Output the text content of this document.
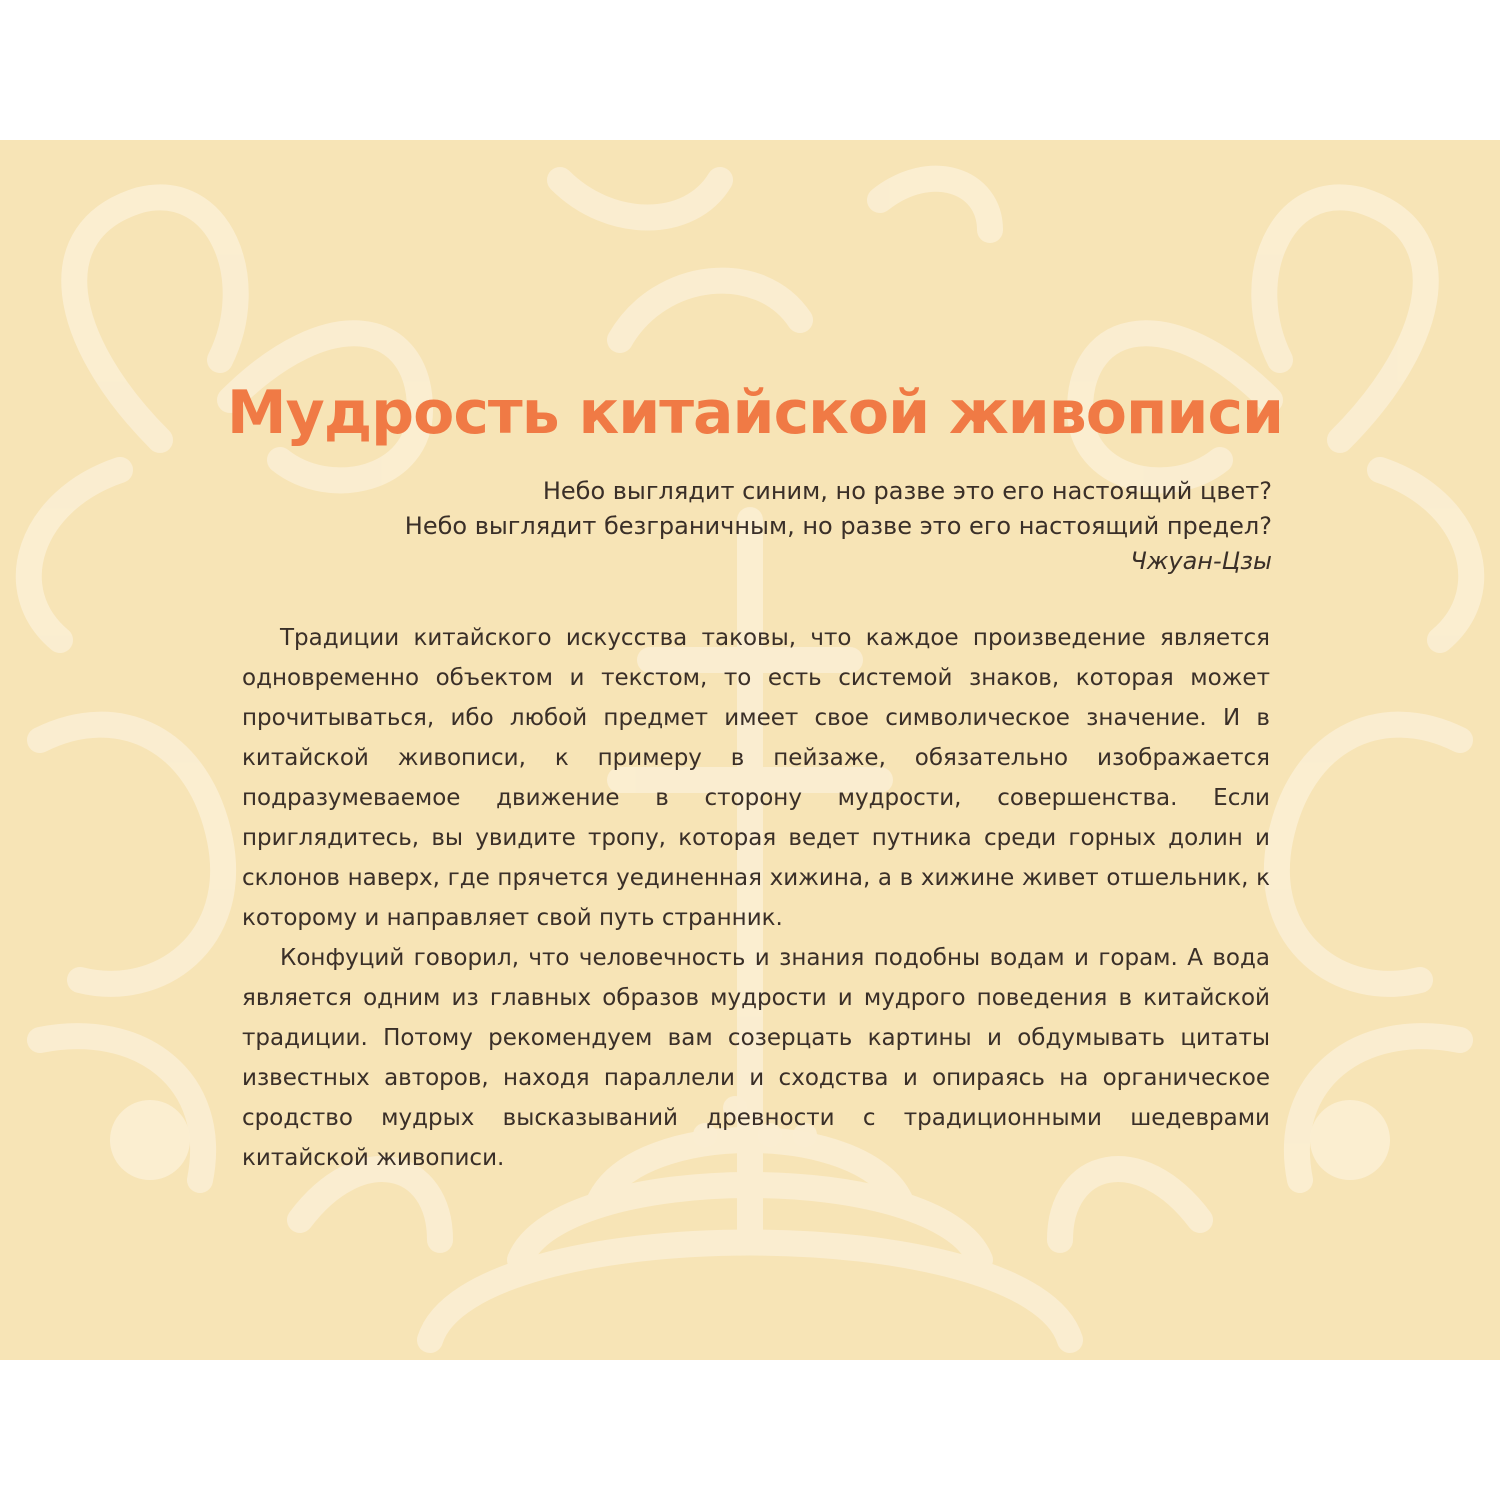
Мудрость китайской живописи
Небо выглядит синим, но разве это его настоящий цвет?
Небо выглядит безграничным, но разве это его настоящий предел?
Чжуан-Цзы

Традиции китайского искусства таковы, что каждое произведение является одновременно объектом и текстом, то есть системой знаков, которая может прочитываться, ибо любой предмет имеет свое символическое значение. И в китайской живописи, к примеру в пейзаже, обязательно изображается подразумеваемое движение в сторону мудрости, совершенства. Если приглядитесь, вы увидите тропу, которая ведет путника среди горных долин и склонов наверх, где прячется уединенная хижина, а в хижине живет отшельник, к которому и направляет свой путь странник.

Конфуций говорил, что человечность и знания подобны водам и горам. А вода является одним из главных образов мудрости и мудрого поведения в китайской традиции. Потому рекомендуем вам созерцать картины и обдумывать цитаты известных авторов, находя параллели и сходства и опираясь на органическое сродство мудрых высказываний древности с традиционными шедеврами китайской живописи.
